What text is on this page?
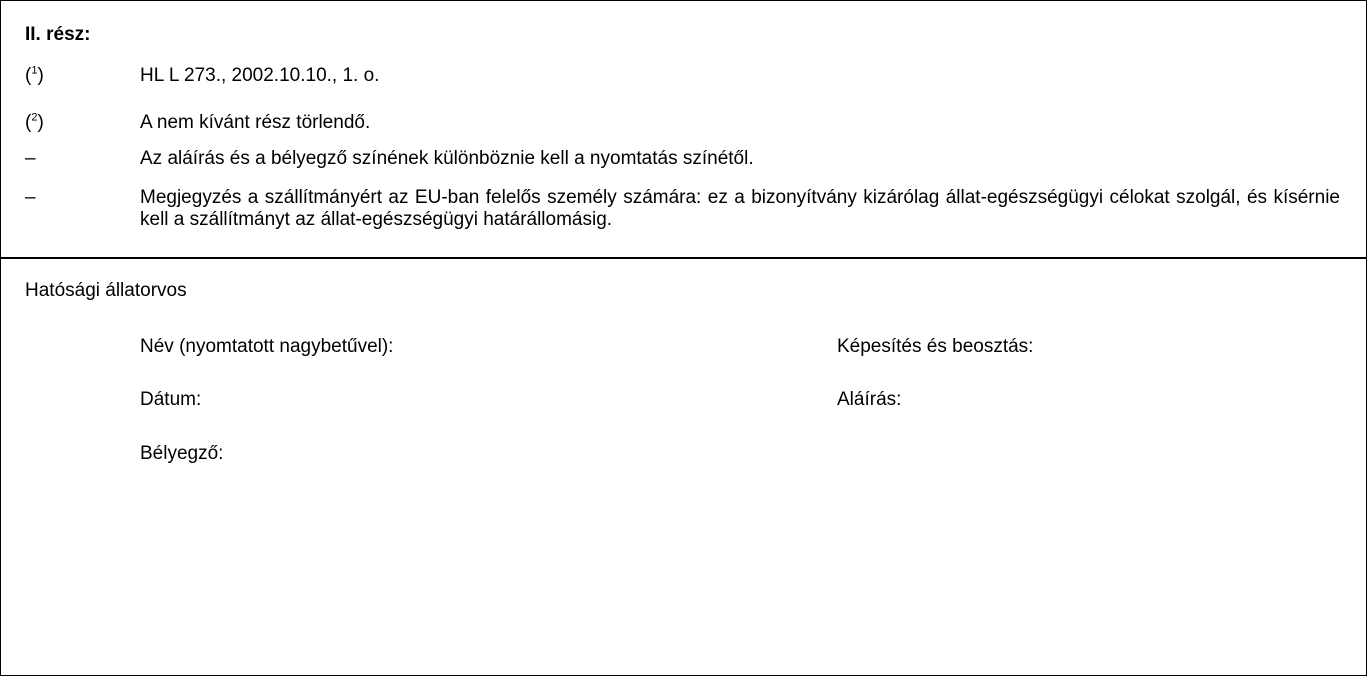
II. rész:
($^1$)	HL L 273., 2002.10.10., 1. o.
($^2$)	A nem kívánt rész törlendő.
–	Az aláírás és a bélyegző színének különböznie kell a nyomtatás színétől.
–	Megjegyzés a szállítmányért az EU-ban felelős személy számára: ez a bizonyítvány kizárólag állat-egészségügyi célokat szolgál, és kísérnie kell a szállítmányt az állat-egészségügyi határállomásig.
Hatósági állatorvos
Név (nyomtatott nagybetűvel):	Képesítés és beosztás:
Dátum:	Aláírás:
Bélyegző:
